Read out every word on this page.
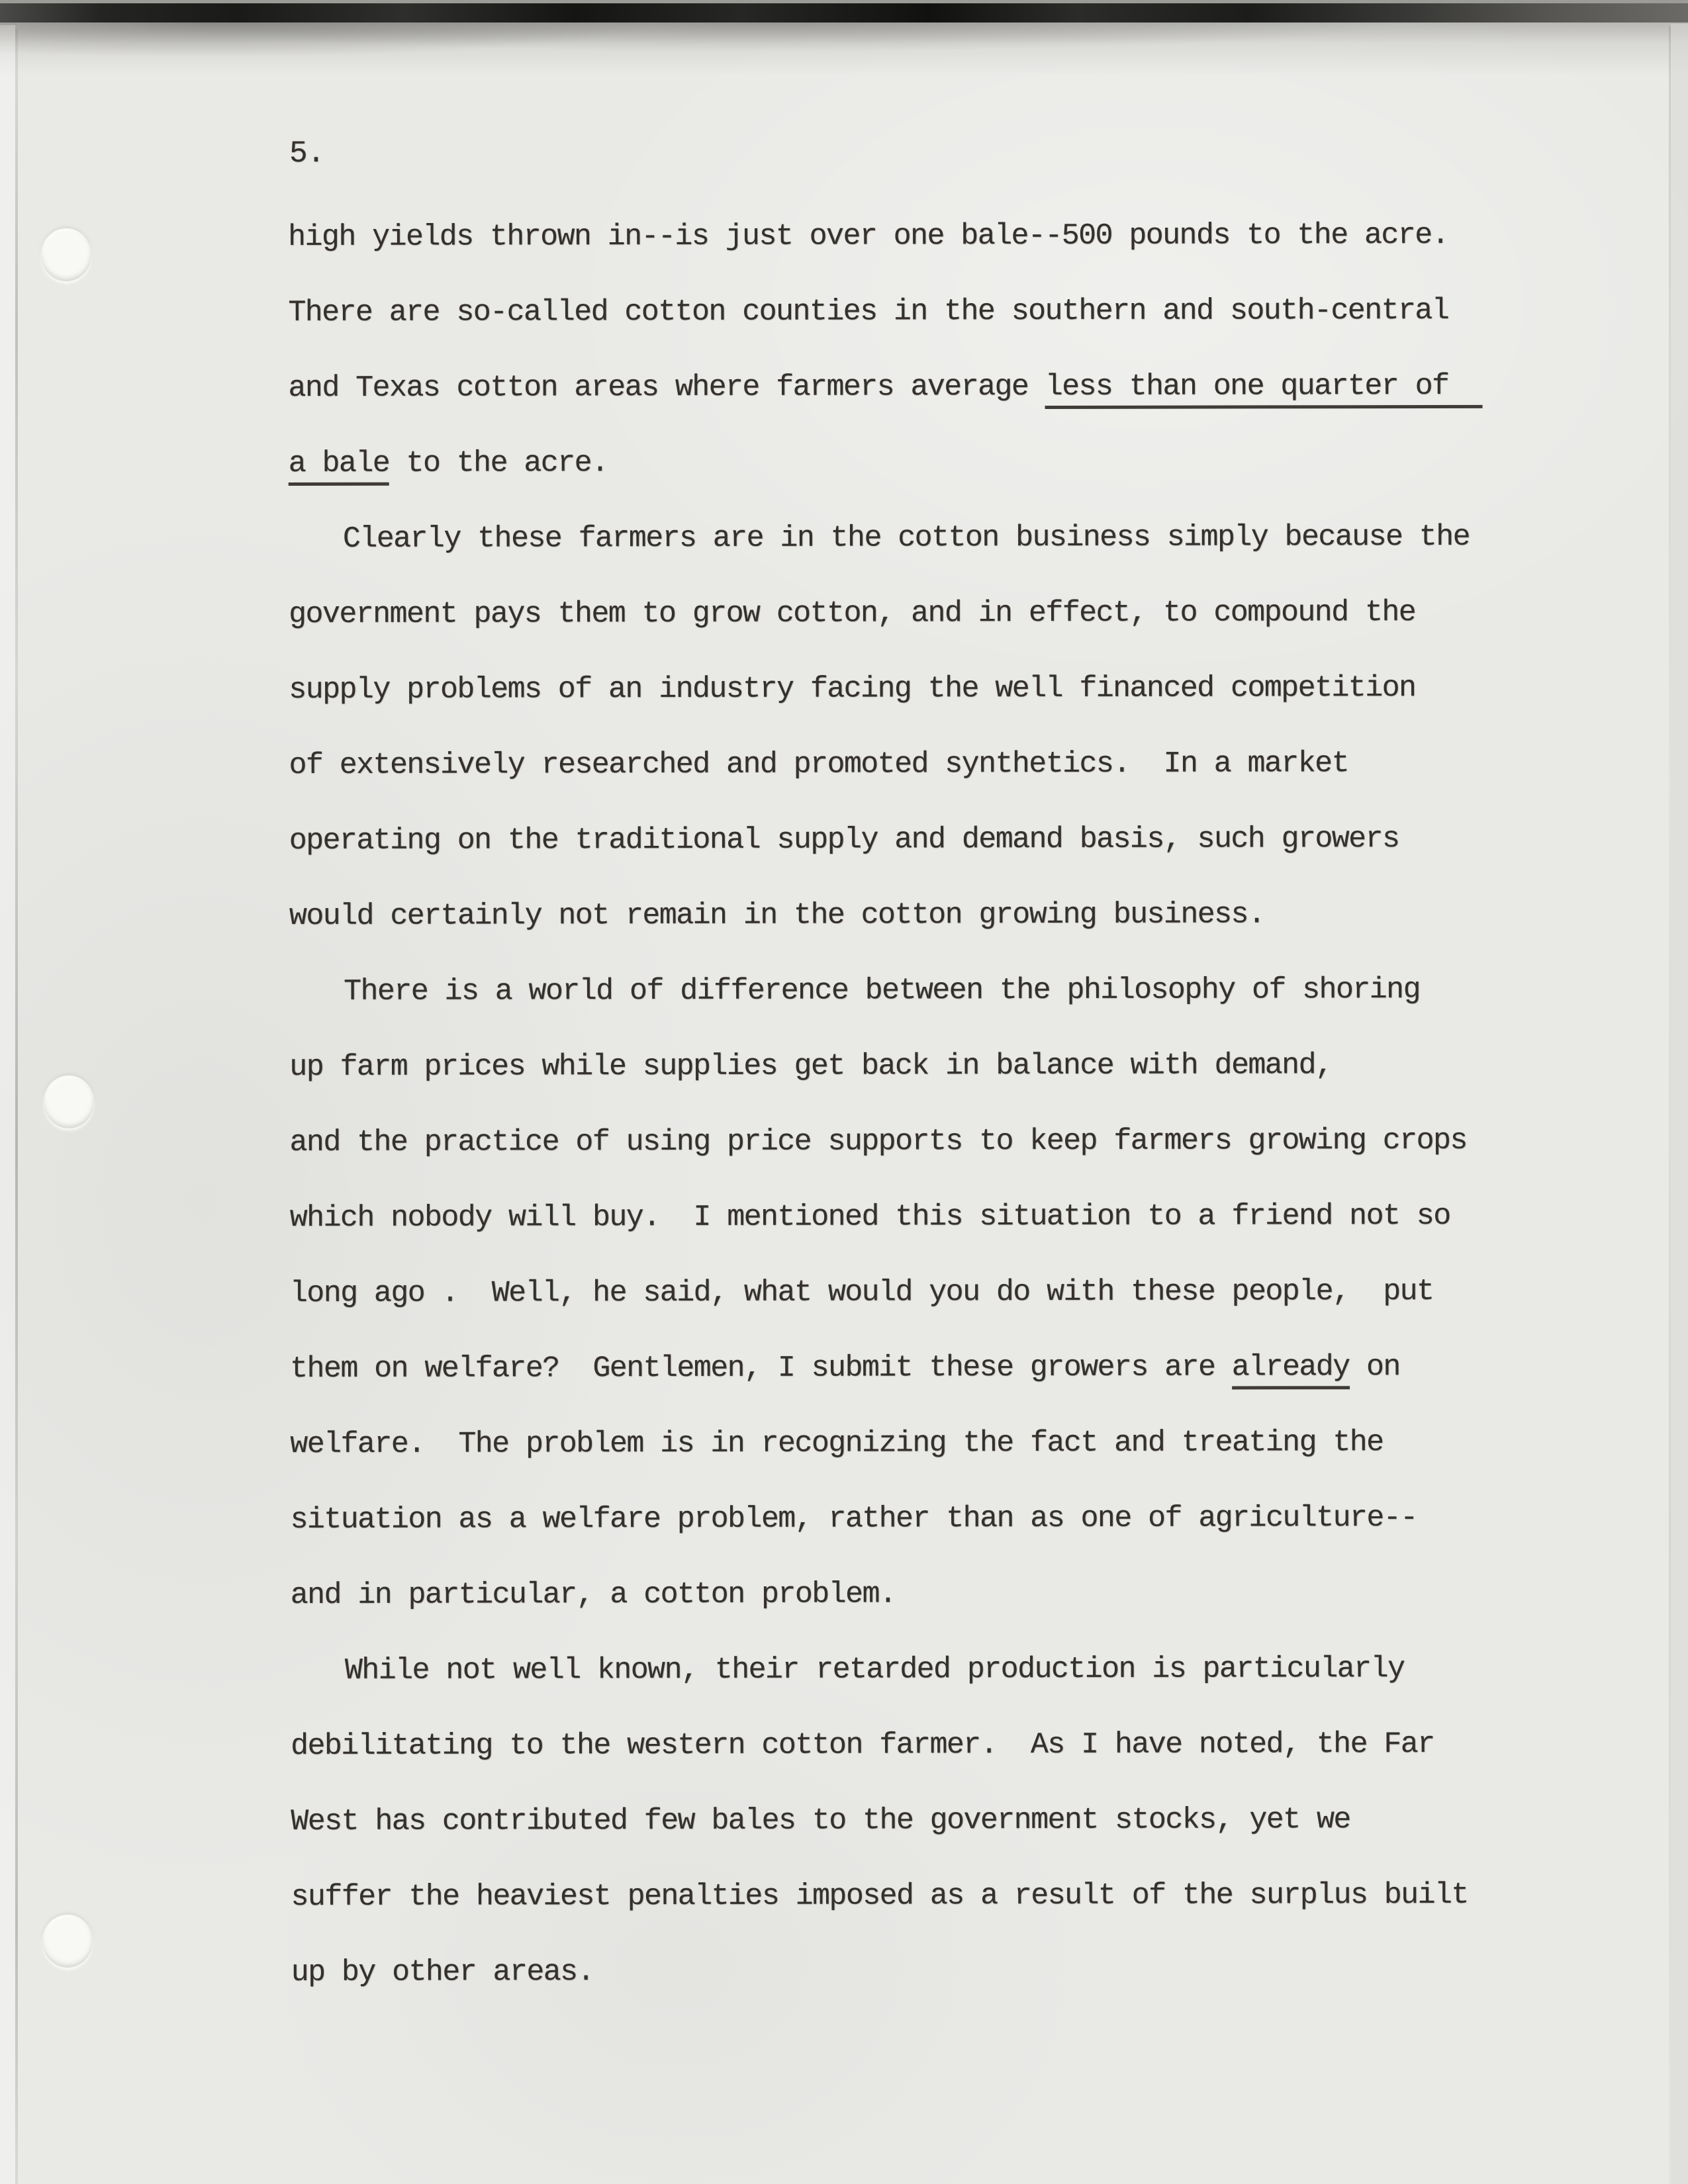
5.
high yields thrown in--is just over one bale--500 pounds to the acre.
There are so-called cotton counties in the southern and south-central
and Texas cotton areas where farmers average less than one quarter of
a bale to the acre.
Clearly these farmers are in the cotton business simply because the
government pays them to grow cotton, and in effect, to compound the
supply problems of an industry facing the well financed competition
of extensively researched and promoted synthetics.  In a market
operating on the traditional supply and demand basis, such growers
would certainly not remain in the cotton growing business.
There is a world of difference between the philosophy of shoring
up farm prices while supplies get back in balance with demand,
and the practice of using price supports to keep farmers growing crops
which nobody will buy.  I mentioned this situation to a friend not so
long ago .  Well, he said, what would you do with these people,  put
them on welfare?  Gentlemen, I submit these growers are already on
welfare.  The problem is in recognizing the fact and treating the
situation as a welfare problem, rather than as one of agriculture--
and in particular, a cotton problem.
While not well known, their retarded production is particularly
debilitating to the western cotton farmer.  As I have noted, the Far
West has contributed few bales to the government stocks, yet we
suffer the heaviest penalties imposed as a result of the surplus built
up by other areas.
